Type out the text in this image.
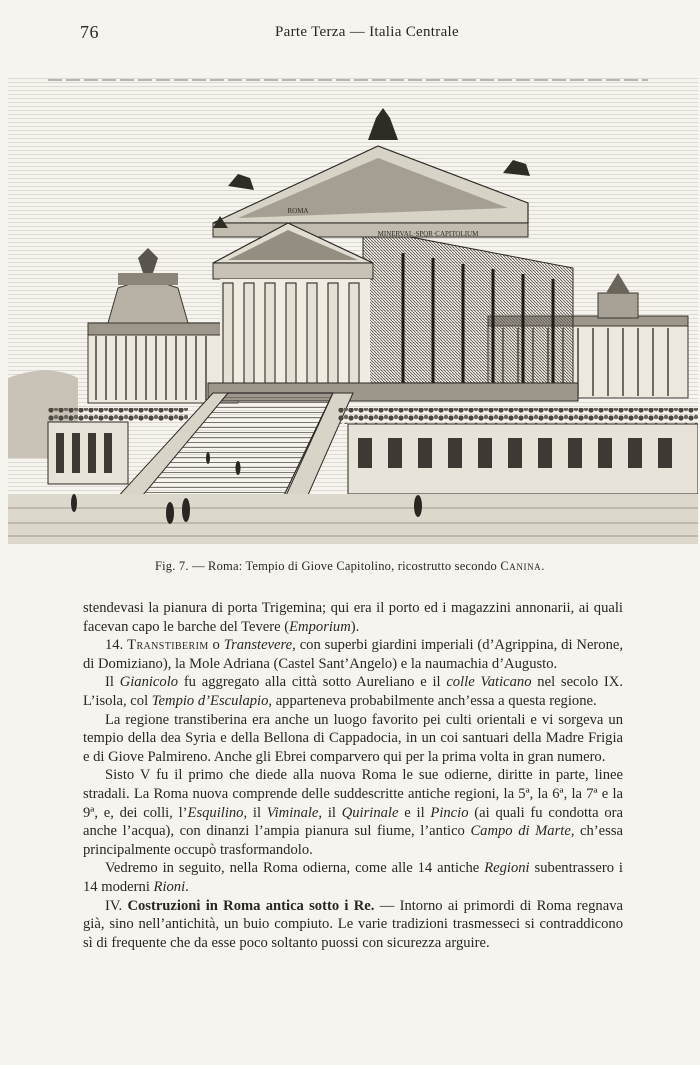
76	Parte Terza — Italia Centrale
ROMA
MINERVAL·SPQR·CAPITOLIUM
Fig. 7. — Roma: Tempio di Giove Capitolino, ricostrutto secondo Canina.

stendevasi la pianura di porta Trigemina; qui era il porto ed i magazzini annonarii, ai quali facevan capo le barche del Tevere (Emporium).

14. Transtiberim o Transtevere, con superbi giardini imperiali (d’Agrippina, di Nerone, di Domiziano), la Mole Adriana (Castel Sant’Angelo) e la naumachia d’Augusto.

Il Gianicolo fu aggregato alla città sotto Aureliano e il colle Vaticano nel secolo IX. L’isola, col Tempio d’Esculapio, apparteneva probabilmente anch’essa a questa regione.

La regione transtiberina era anche un luogo favorito pei culti orientali e vi sorgeva un tempio della dea Syria e della Bellona di Cappadocia, in un coi santuari della Madre Frigia e di Giove Palmireno. Anche gli Ebrei comparvero qui per la prima volta in gran numero.

Sisto V fu il primo che diede alla nuova Roma le sue odierne, diritte in parte, linee stradali. La Roma nuova comprende delle suddescritte antiche regioni, la 5ª, la 6ª, la 7ª e la 9ª, e, dei colli, l’Esquilino, il Viminale, il Quirinale e il Pincio (ai quali fu condotta ora anche l’acqua), con dinanzi l’ampia pianura sul fiume, l’antico Campo di Marte, ch’essa principalmente occupò trasformandolo.

Vedremo in seguito, nella Roma odierna, come alle 14 antiche Regioni subentrassero i 14 moderni Rioni.

IV. Costruzioni in Roma antica sotto i Re. — Intorno ai primordi di Roma regnava già, sino nell’antichità, un buio compiuto. Le varie tradizioni trasmesseci si contraddicono sì di frequente che da esse poco soltanto puossi con sicurezza arguire.
